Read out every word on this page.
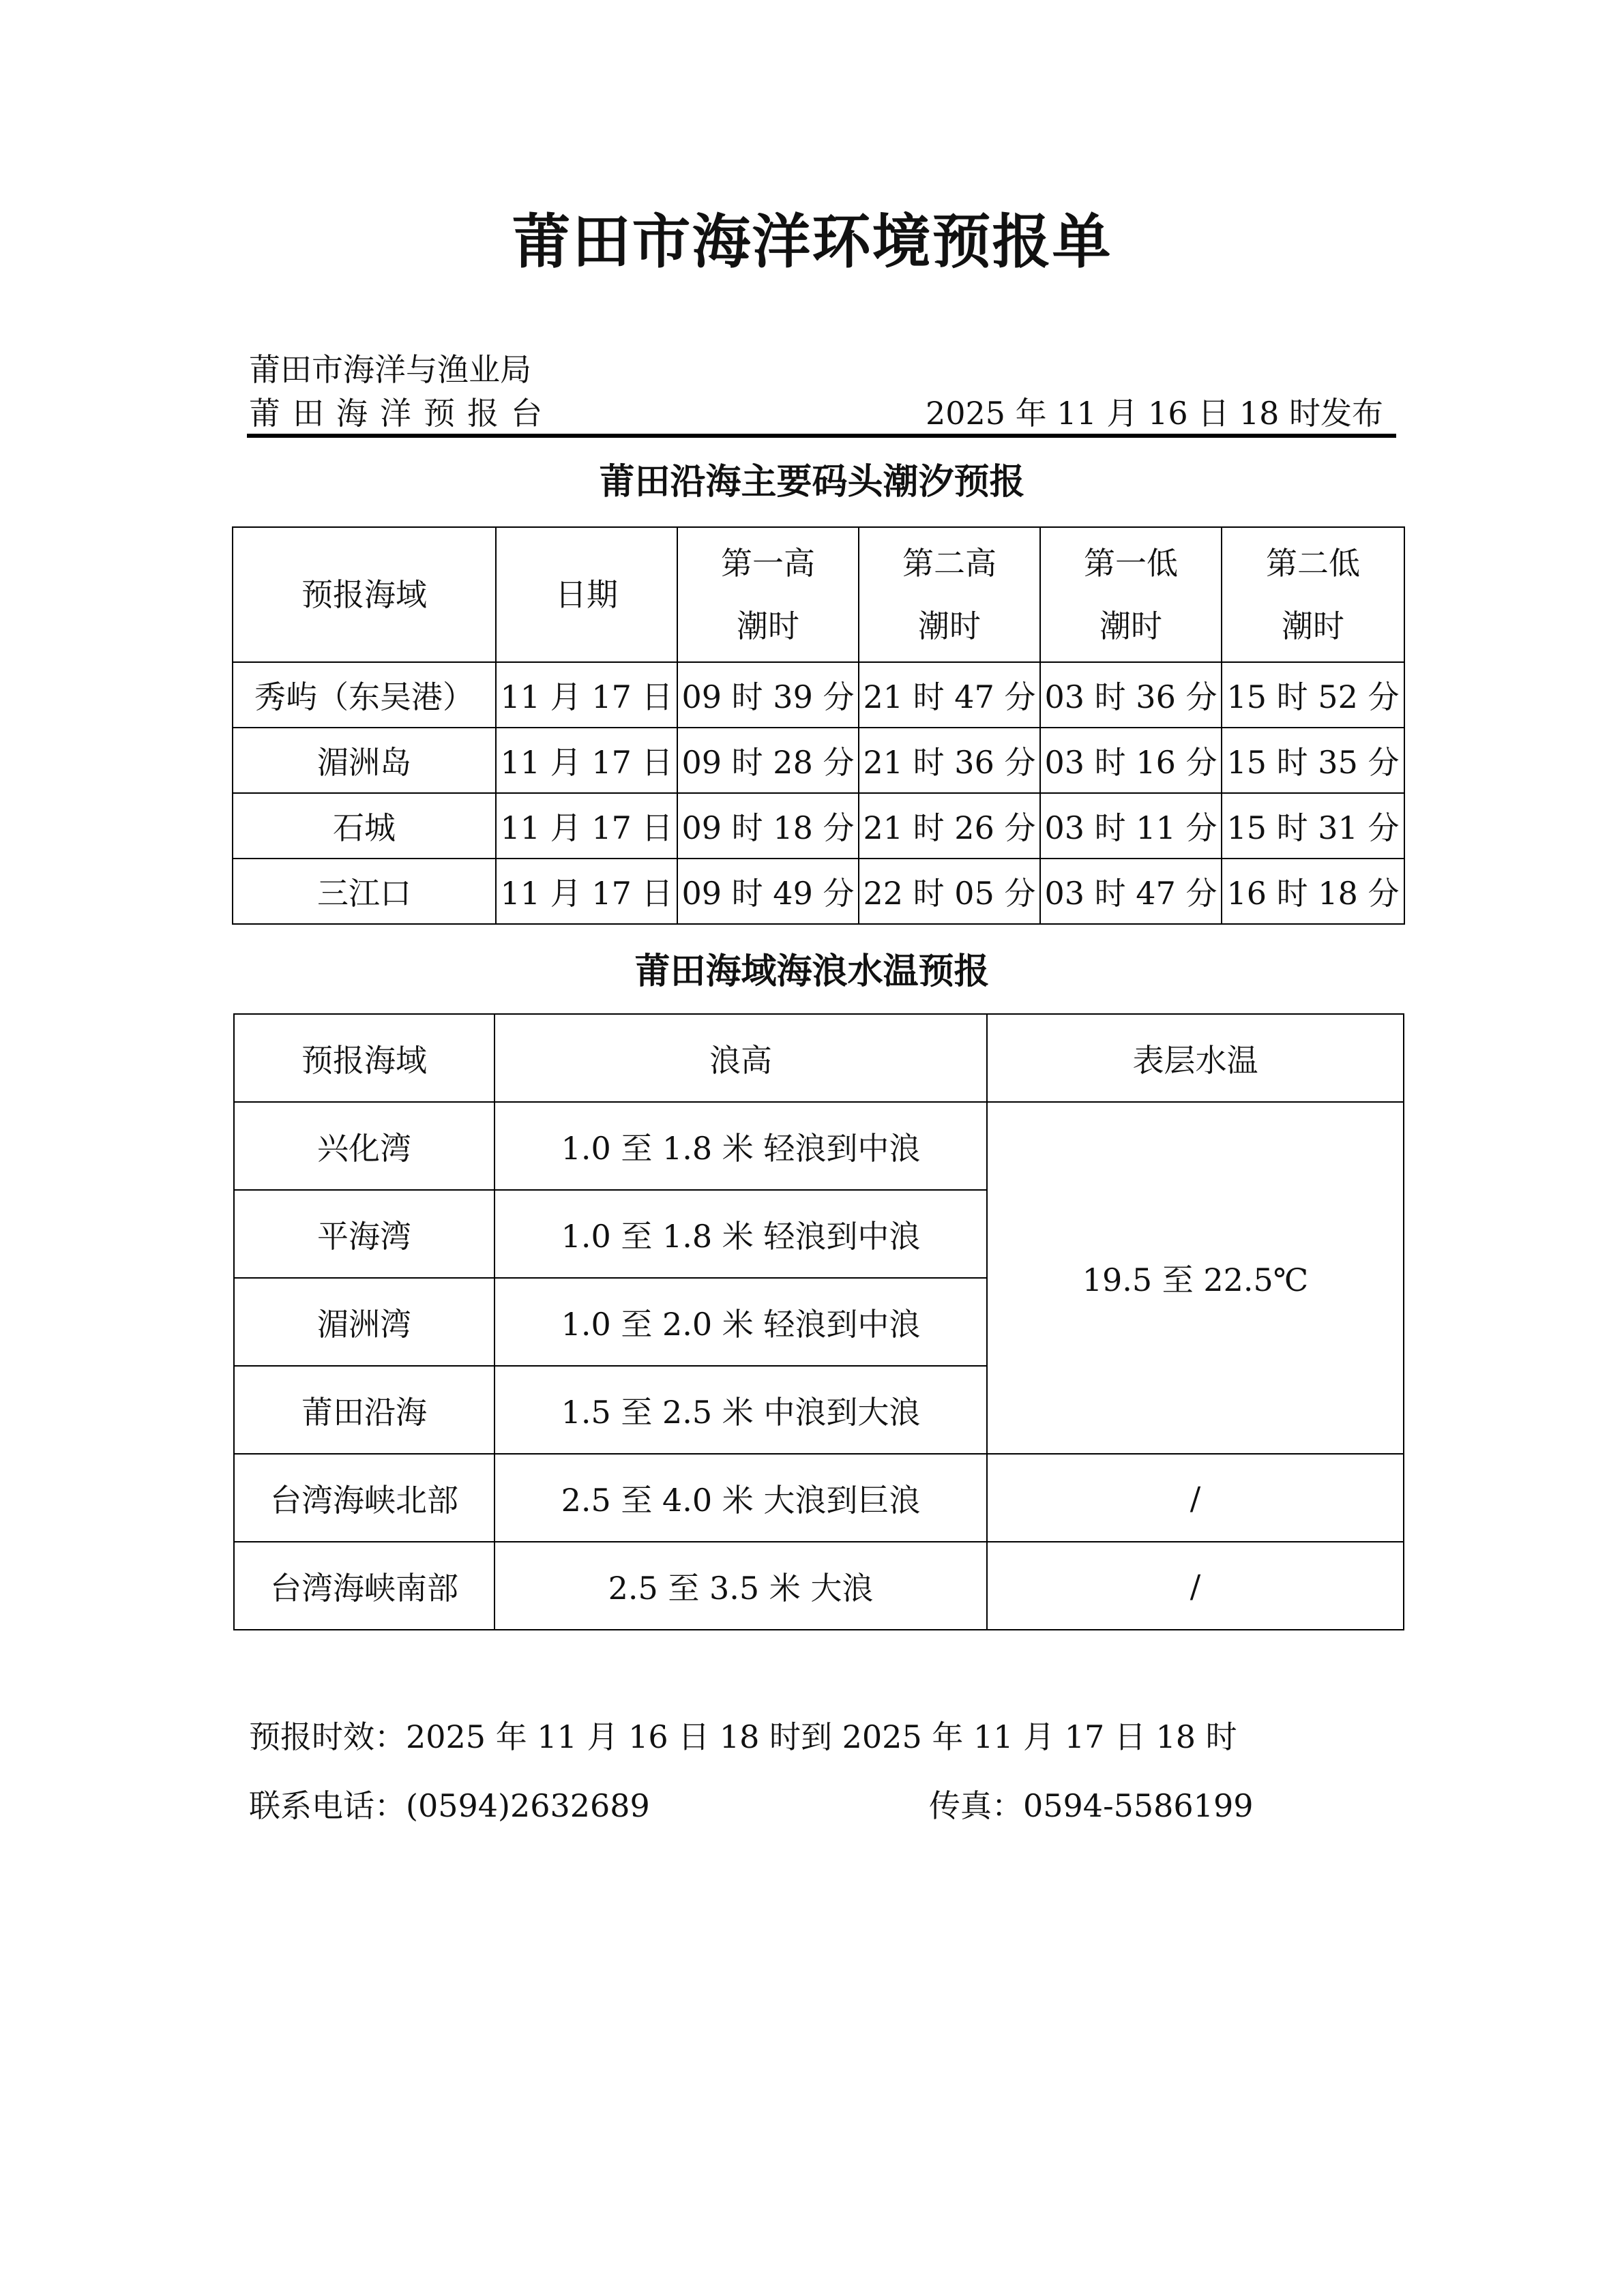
莆田市海洋环境预报单
莆田市海洋与渔业局
莆田海洋预报台	2025 年 11 月 16 日 18 时发布
莆田沿海主要码头潮汐预报
预报海域	日期	第一高潮时	第二高潮时	第一低潮时	第二低潮时
秀屿（东吴港）	11 月 17 日	09 时 39 分	21 时 47 分	03 时 36 分	15 时 52 分
湄洲岛	11 月 17 日	09 时 28 分	21 时 36 分	03 时 16 分	15 时 35 分
石城	11 月 17 日	09 时 18 分	21 时 26 分	03 时 11 分	15 时 31 分
三江口	11 月 17 日	09 时 49 分	22 时 05 分	03 时 47 分	16 时 18 分
莆田海域海浪水温预报
预报海域	浪高	表层水温
兴化湾	1.0 至 1.8 米 轻浪到中浪	19.5 至 22.5℃
平海湾	1.0 至 1.8 米 轻浪到中浪	
湄洲湾	1.0 至 2.0 米 轻浪到中浪	
莆田沿海	1.5 至 2.5 米 中浪到大浪	
台湾海峡北部	2.5 至 4.0 米 大浪到巨浪	/
台湾海峡南部	2.5 至 3.5 米 大浪	/
预报时效：2025 年 11 月 16 日 18 时到 2025 年 11 月 17 日 18 时
联系电话：(0594)2632689	传真：0594-5586199
